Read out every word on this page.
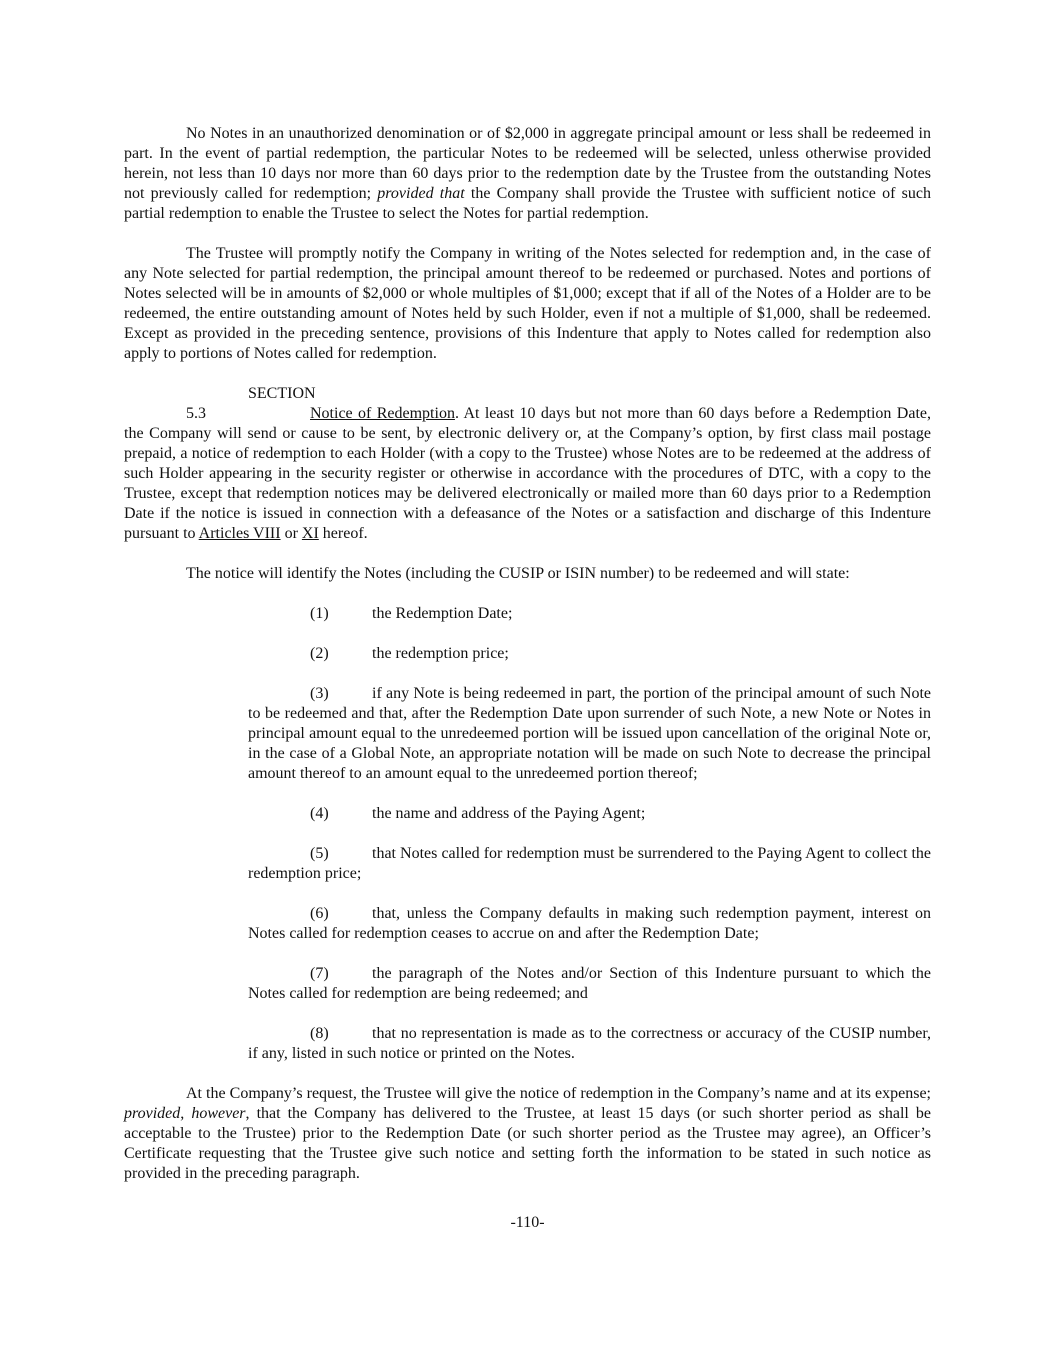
No Notes in an unauthorized denomination or of $2,000 in aggregate principal amount or less shall be redeemed in part. In the event of partial redemption, the particular Notes to be redeemed will be selected, unless otherwise provided herein, not less than 10 days nor more than 60 days prior to the redemption date by the Trustee from the outstanding Notes not previously called for redemption; provided that the Company shall provide the Trustee with sufficient notice of such partial redemption to enable the Trustee to select the Notes for partial redemption.

The Trustee will promptly notify the Company in writing of the Notes selected for redemption and, in the case of any Note selected for partial redemption, the principal amount thereof to be redeemed or purchased. Notes and portions of Notes selected will be in amounts of $2,000 or whole multiples of $1,000; except that if all of the Notes of a Holder are to be redeemed, the entire outstanding amount of Notes held by such Holder, even if not a multiple of $1,000, shall be redeemed. Except as provided in the preceding sentence, provisions of this Indenture that apply to Notes called for redemption also apply to portions of Notes called for redemption.

SECTION 5.3	Notice of Redemption. At least 10 days but not more than 60 days before a Redemption Date, the Company will send or cause to be sent, by electronic delivery or, at the Company’s option, by first class mail postage prepaid, a notice of redemption to each Holder (with a copy to the Trustee) whose Notes are to be redeemed at the address of such Holder appearing in the security register or otherwise in accordance with the procedures of DTC, with a copy to the Trustee, except that redemption notices may be delivered electronically or mailed more than 60 days prior to a Redemption Date if the notice is issued in connection with a defeasance of the Notes or a satisfaction and discharge of this Indenture pursuant to Articles VIII or XI hereof.

The notice will identify the Notes (including the CUSIP or ISIN number) to be redeemed and will state:

(1)	the Redemption Date;

(2)	the redemption price;

(3)	if any Note is being redeemed in part, the portion of the principal amount of such Note to be redeemed and that, after the Redemption Date upon surrender of such Note, a new Note or Notes in principal amount equal to the unredeemed portion will be issued upon cancellation of the original Note or, in the case of a Global Note, an appropriate notation will be made on such Note to decrease the principal amount thereof to an amount equal to the unredeemed portion thereof;

(4)	the name and address of the Paying Agent;

(5)	that Notes called for redemption must be surrendered to the Paying Agent to collect the redemption price;

(6)	that, unless the Company defaults in making such redemption payment, interest on Notes called for redemption ceases to accrue on and after the Redemption Date;

(7)	the paragraph of the Notes and/or Section of this Indenture pursuant to which the Notes called for redemption are being redeemed; and

(8)	that no representation is made as to the correctness or accuracy of the CUSIP number, if any, listed in such notice or printed on the Notes.

At the Company’s request, the Trustee will give the notice of redemption in the Company’s name and at its expense; provided, however, that the Company has delivered to the Trustee, at least 15 days (or such shorter period as shall be acceptable to the Trustee) prior to the Redemption Date (or such shorter period as the Trustee may agree), an Officer’s Certificate requesting that the Trustee give such notice and setting forth the information to be stated in such notice as provided in the preceding paragraph.

-110-
